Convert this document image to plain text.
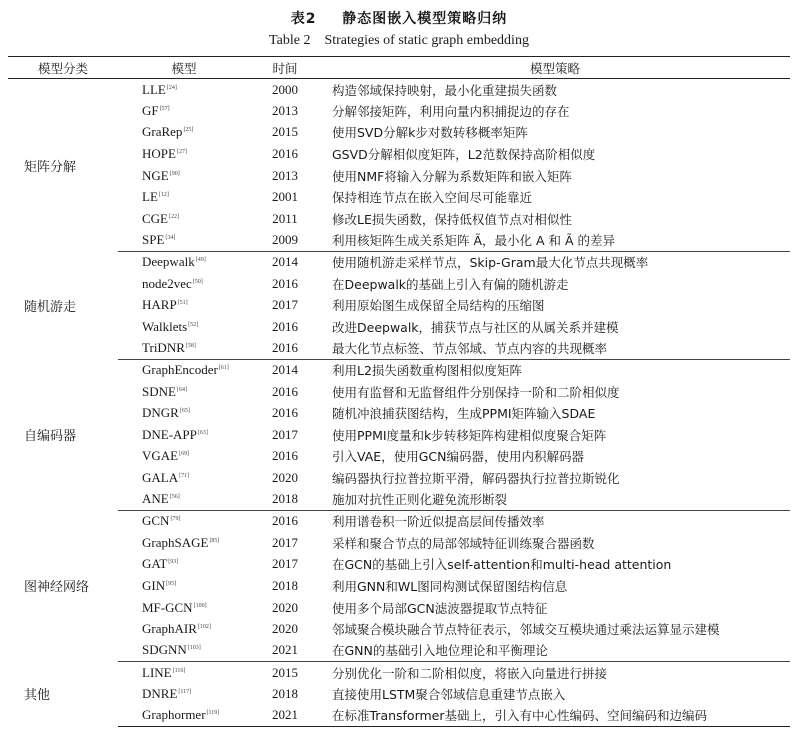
表2 静态图嵌入模型策略归纳
Table 2 Strategies of static graph embedding
模型分类	模型	时间	模型策略
矩阵分解	LLE[24]	2000	构造邻域保持映射，最小化重建损失函数
	GF[57]	2013	分解邻接矩阵，利用向量内积捕捉边的存在
	GraRep[25]	2015	使用SVD分解k步对数转移概率矩阵
	HOPE[27]	2016	GSVD分解相似度矩阵，L2范数保持高阶相似度
	NGE[90]	2013	使用NMF将输入分解为系数矩阵和嵌入矩阵
	LE[12]	2001	保持相连节点在嵌入空间尽可能靠近
	CGE[22]	2011	修改LE损失函数，保持低权值节点对相似性
	SPE[34]	2009	利用核矩阵生成关系矩阵 Ã，最小化 A 和 Ã 的差异
随机游走	Deepwalk[49]	2014	使用随机游走采样节点，Skip-Gram最大化节点共现概率
	node2vec[50]	2016	在Deepwalk的基础上引入有偏的随机游走
	HARP[51]	2017	利用原始图生成保留全局结构的压缩图
	Walklets[52]	2016	改进Deepwalk，捕获节点与社区的从属关系并建模
	TriDNR[58]	2016	最大化节点标签、节点邻域、节点内容的共现概率
自编码器	GraphEncoder[61]	2014	利用L2损失函数重构图相似度矩阵
	SDNE[64]	2016	使用有监督和无监督组件分别保持一阶和二阶相似度
	DNGR[65]	2016	随机冲浪捕获图结构，生成PPMI矩阵输入SDAE
	DNE-APP[63]	2017	使用PPMI度量和k步转移矩阵构建相似度聚合矩阵
	VGAE[69]	2016	引入VAE，使用GCN编码器，使用内积解码器
	GALA[71]	2020	编码器执行拉普拉斯平滑，解码器执行拉普拉斯锐化
	ANE[56]	2018	施加对抗性正则化避免流形断裂
图神经网络	GCN[79]	2016	利用谱卷积一阶近似提高层间传播效率
	GraphSAGE[85]	2017	采样和聚合节点的局部邻域特征训练聚合器函数
	GAT[93]	2017	在GCN的基础上引入self-attention和multi-head attention
	GIN[95]	2018	利用GNN和WL图同构测试保留图结构信息
	MF-GCN[100]	2020	使用多个局部GCN滤波器提取节点特征
	GraphAIR[102]	2020	邻域聚合模块融合节点特征表示，邻域交互模块通过乘法运算显示建模
	SDGNN[103]	2021	在GNN的基础引入地位理论和平衡理论
其他	LINE[116]	2015	分别优化一阶和二阶相似度，将嵌入向量进行拼接
	DNRE[117]	2018	直接使用LSTM聚合邻域信息重建节点嵌入
	Graphormer[119]	2021	在标准Transformer基础上，引入有中心性编码、空间编码和边编码
